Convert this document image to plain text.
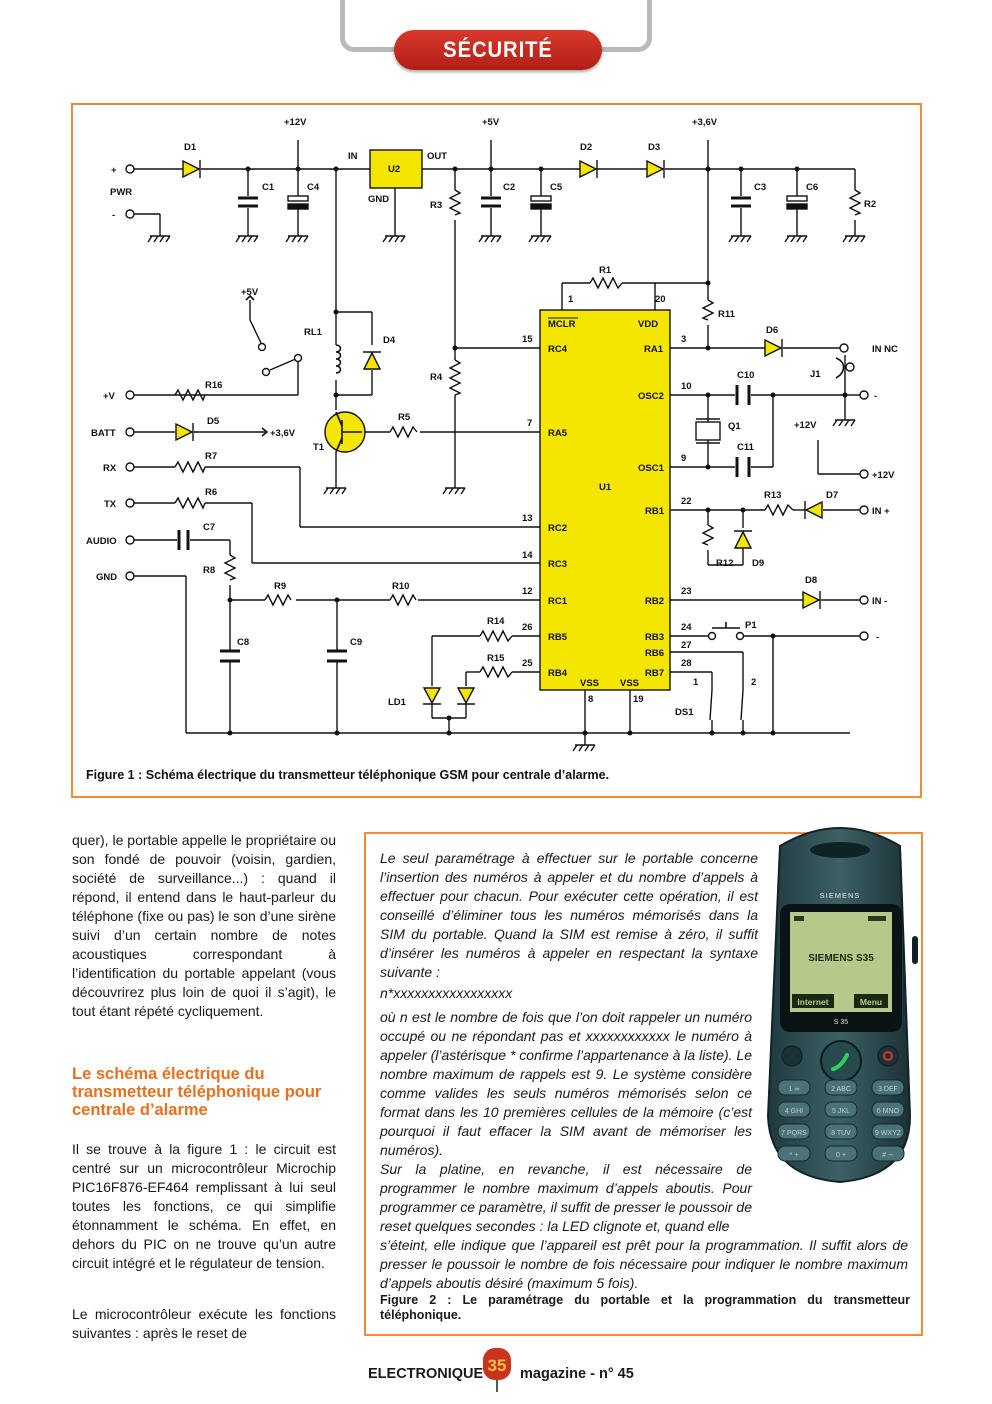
SÉCURITÉ
+12V	+5V	+3,6V
D1	D2	D3
D4
D5
D6
D7
D9
D8
C1	C4	C2	C5	C3	C6
C7
C8	C9
C10
C11
R1
R2
R3
R4
R5
R6
R7
R8
R9	R10
R11
R12
R13
R14
R15
R16
U1
U2
IN	OUT
GND
PWR
+
-
+5V
RL1
T1
Q1
J1
P1
DS1
LD1
+V
BATT	+3,6V
RX
TX
AUDIO
GND
MCLR	VDD
RC4
RA5
RC2
RC3
RC1
RB5
RB4
RA1
OSC2
OSC1
RB1
RB2
RB3
RB6
RB7
VSS VSS
1	20
15
7
13
14
12
26
25
3
10
9
22
23
24
27
28
8	19
IN NC
-
+12V
+12V
IN +
IN -
-
1	2
Figure 1 : Schéma électrique du transmetteur téléphonique GSM pour centrale d’alarme.

quer), le portable appelle le propriétaire ou son fondé de pouvoir (voisin, gardien, société de surveillance...) : quand il répond, il entend dans le haut-parleur du téléphone (fixe ou pas) le son d’une sirène suivi d’un certain nombre de notes acoustiques correspondant à l’identification du portable appelant (vous découvrirez plus loin de quoi il s’agit), le tout étant répété cycliquement.

Le schéma électrique du transmetteur téléphonique pour centrale d’alarme

Il se trouve à la figure 1 : le circuit est centré sur un microcontrôleur Microchip PIC16F876-EF464 remplissant à lui seul toutes les fonctions, ce qui simplifie étonnamment le schéma. En effet, en dehors du PIC on ne trouve qu’un autre circuit intégré et le régulateur de tension.

Le microcontrôleur exécute les fonctions suivantes : après le reset de

Le seul paramétrage à effectuer sur le portable concerne l’insertion des numéros à appeler et du nombre d’appels à effectuer pour chacun. Pour exécuter cette opération, il est conseillé d’éliminer tous les numéros mémorisés dans la SIM du portable. Quand la SIM est remise à zéro, il suffit d’insérer les numéros à appeler en respectant la syntaxe suivante :

n*xxxxxxxxxxxxxxxxx

où n est le nombre de fois que l’on doit rappeler un numéro occupé ou ne répondant pas et xxxxxxxxxxxx le numéro à appeler (l’astérisque * confirme l’appartenance à la liste). Le nombre maximum de rappels est 9. Le système considère comme valides les seuls numéros mémorisés selon ce format dans les 10 premières cellules de la mémoire (c’est pourquoi il faut effacer la SIM avant de mémoriser les numéros).

Sur la platine, en revanche, il est nécessaire de programmer le nombre maximum d’appels aboutis. Pour programmer ce paramètre, il suffit de presser le poussoir de reset quelques secondes : la LED clignote et, quand elle

s’éteint, elle indique que l’appareil est prêt pour la programmation. Il suffit alors de presser le poussoir le nombre de fois nécessaire pour indiquer le nombre maximum d’appels aboutis désiré (maximum 5 fois).

Figure 2 : Le paramétrage du portable et la programmation du transmetteur téléphonique.

SIEMENS
SIEMENS S35
Internet	Menu
S 35
1 ∞	2 ABC	3 DEF
4 GHI	5 JKL	6 MNO
7 PQRS	8 TUV	9 WXYZ
* +	0 +	# ∼
ELECTRONIQUE 35 magazine - n° 45
